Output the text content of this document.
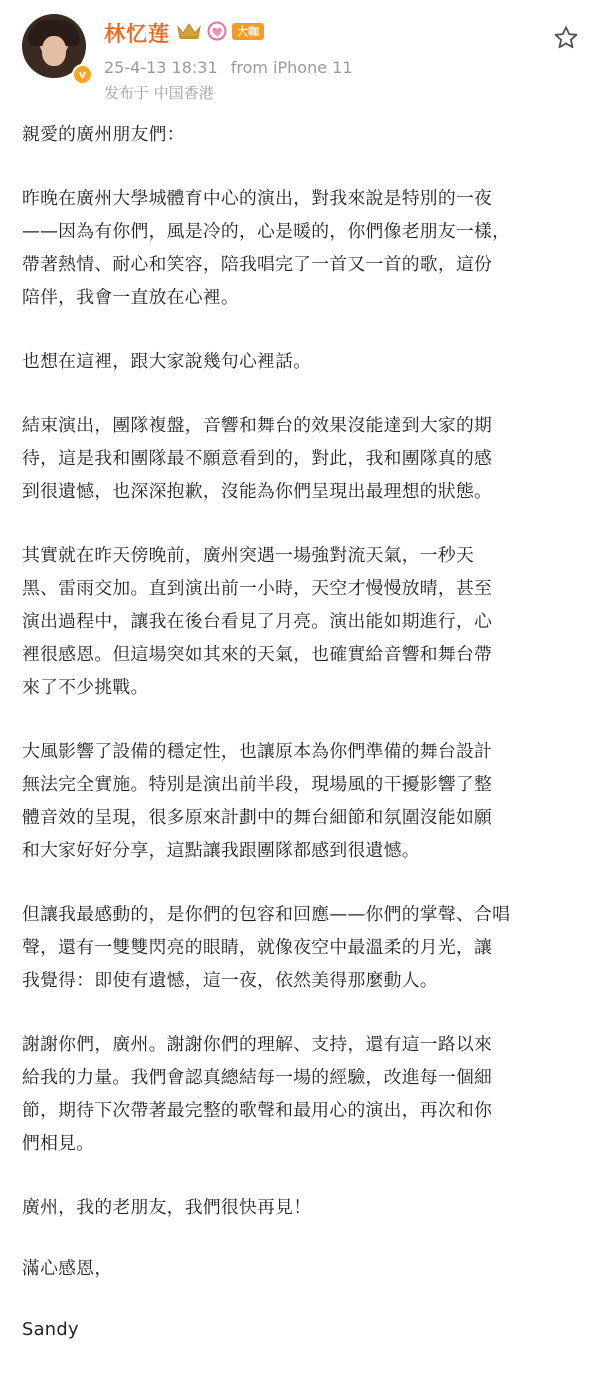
v
林忆莲	大咖
25-4-13 18:31 from iPhone 11
发布于 中国香港

親愛的廣州朋友們：

昨晚在廣州大學城體育中心的演出，對我來說是特別的一夜
——因為有你們，風是冷的，心是暖的，你們像老朋友一樣，
帶著熱情、耐心和笑容，陪我唱完了一首又一首的歌，這份
陪伴，我會一直放在心裡。

也想在這裡，跟大家說幾句心裡話。

結束演出，團隊複盤，音響和舞台的效果沒能達到大家的期
待，這是我和團隊最不願意看到的，對此，我和團隊真的感
到很遺憾，也深深抱歉，沒能為你們呈現出最理想的狀態。

其實就在昨天傍晚前，廣州突遇一場強對流天氣，一秒天
黑、雷雨交加。直到演出前一小時，天空才慢慢放晴，甚至
演出過程中，讓我在後台看見了月亮。演出能如期進行，心
裡很感恩。但這場突如其來的天氣，也確實給音響和舞台帶
來了不少挑戰。

大風影響了設備的穩定性，也讓原本為你們準備的舞台設計
無法完全實施。特別是演出前半段，現場風的干擾影響了整
體音效的呈現，很多原來計劃中的舞台細節和氛圍沒能如願
和大家好好分享，這點讓我跟團隊都感到很遺憾。

但讓我最感動的，是你們的包容和回應——你們的掌聲、合唱
聲，還有一雙雙閃亮的眼睛，就像夜空中最溫柔的月光，讓
我覺得：即使有遺憾，這一夜，依然美得那麼動人。

謝謝你們，廣州。謝謝你們的理解、支持，還有這一路以來
給我的力量。我們會認真總結每一場的經驗，改進每一個細
節，期待下次帶著最完整的歌聲和最用心的演出，再次和你
們相見。

廣州，我的老朋友，我們很快再見！

滿心感恩，

Sandy
